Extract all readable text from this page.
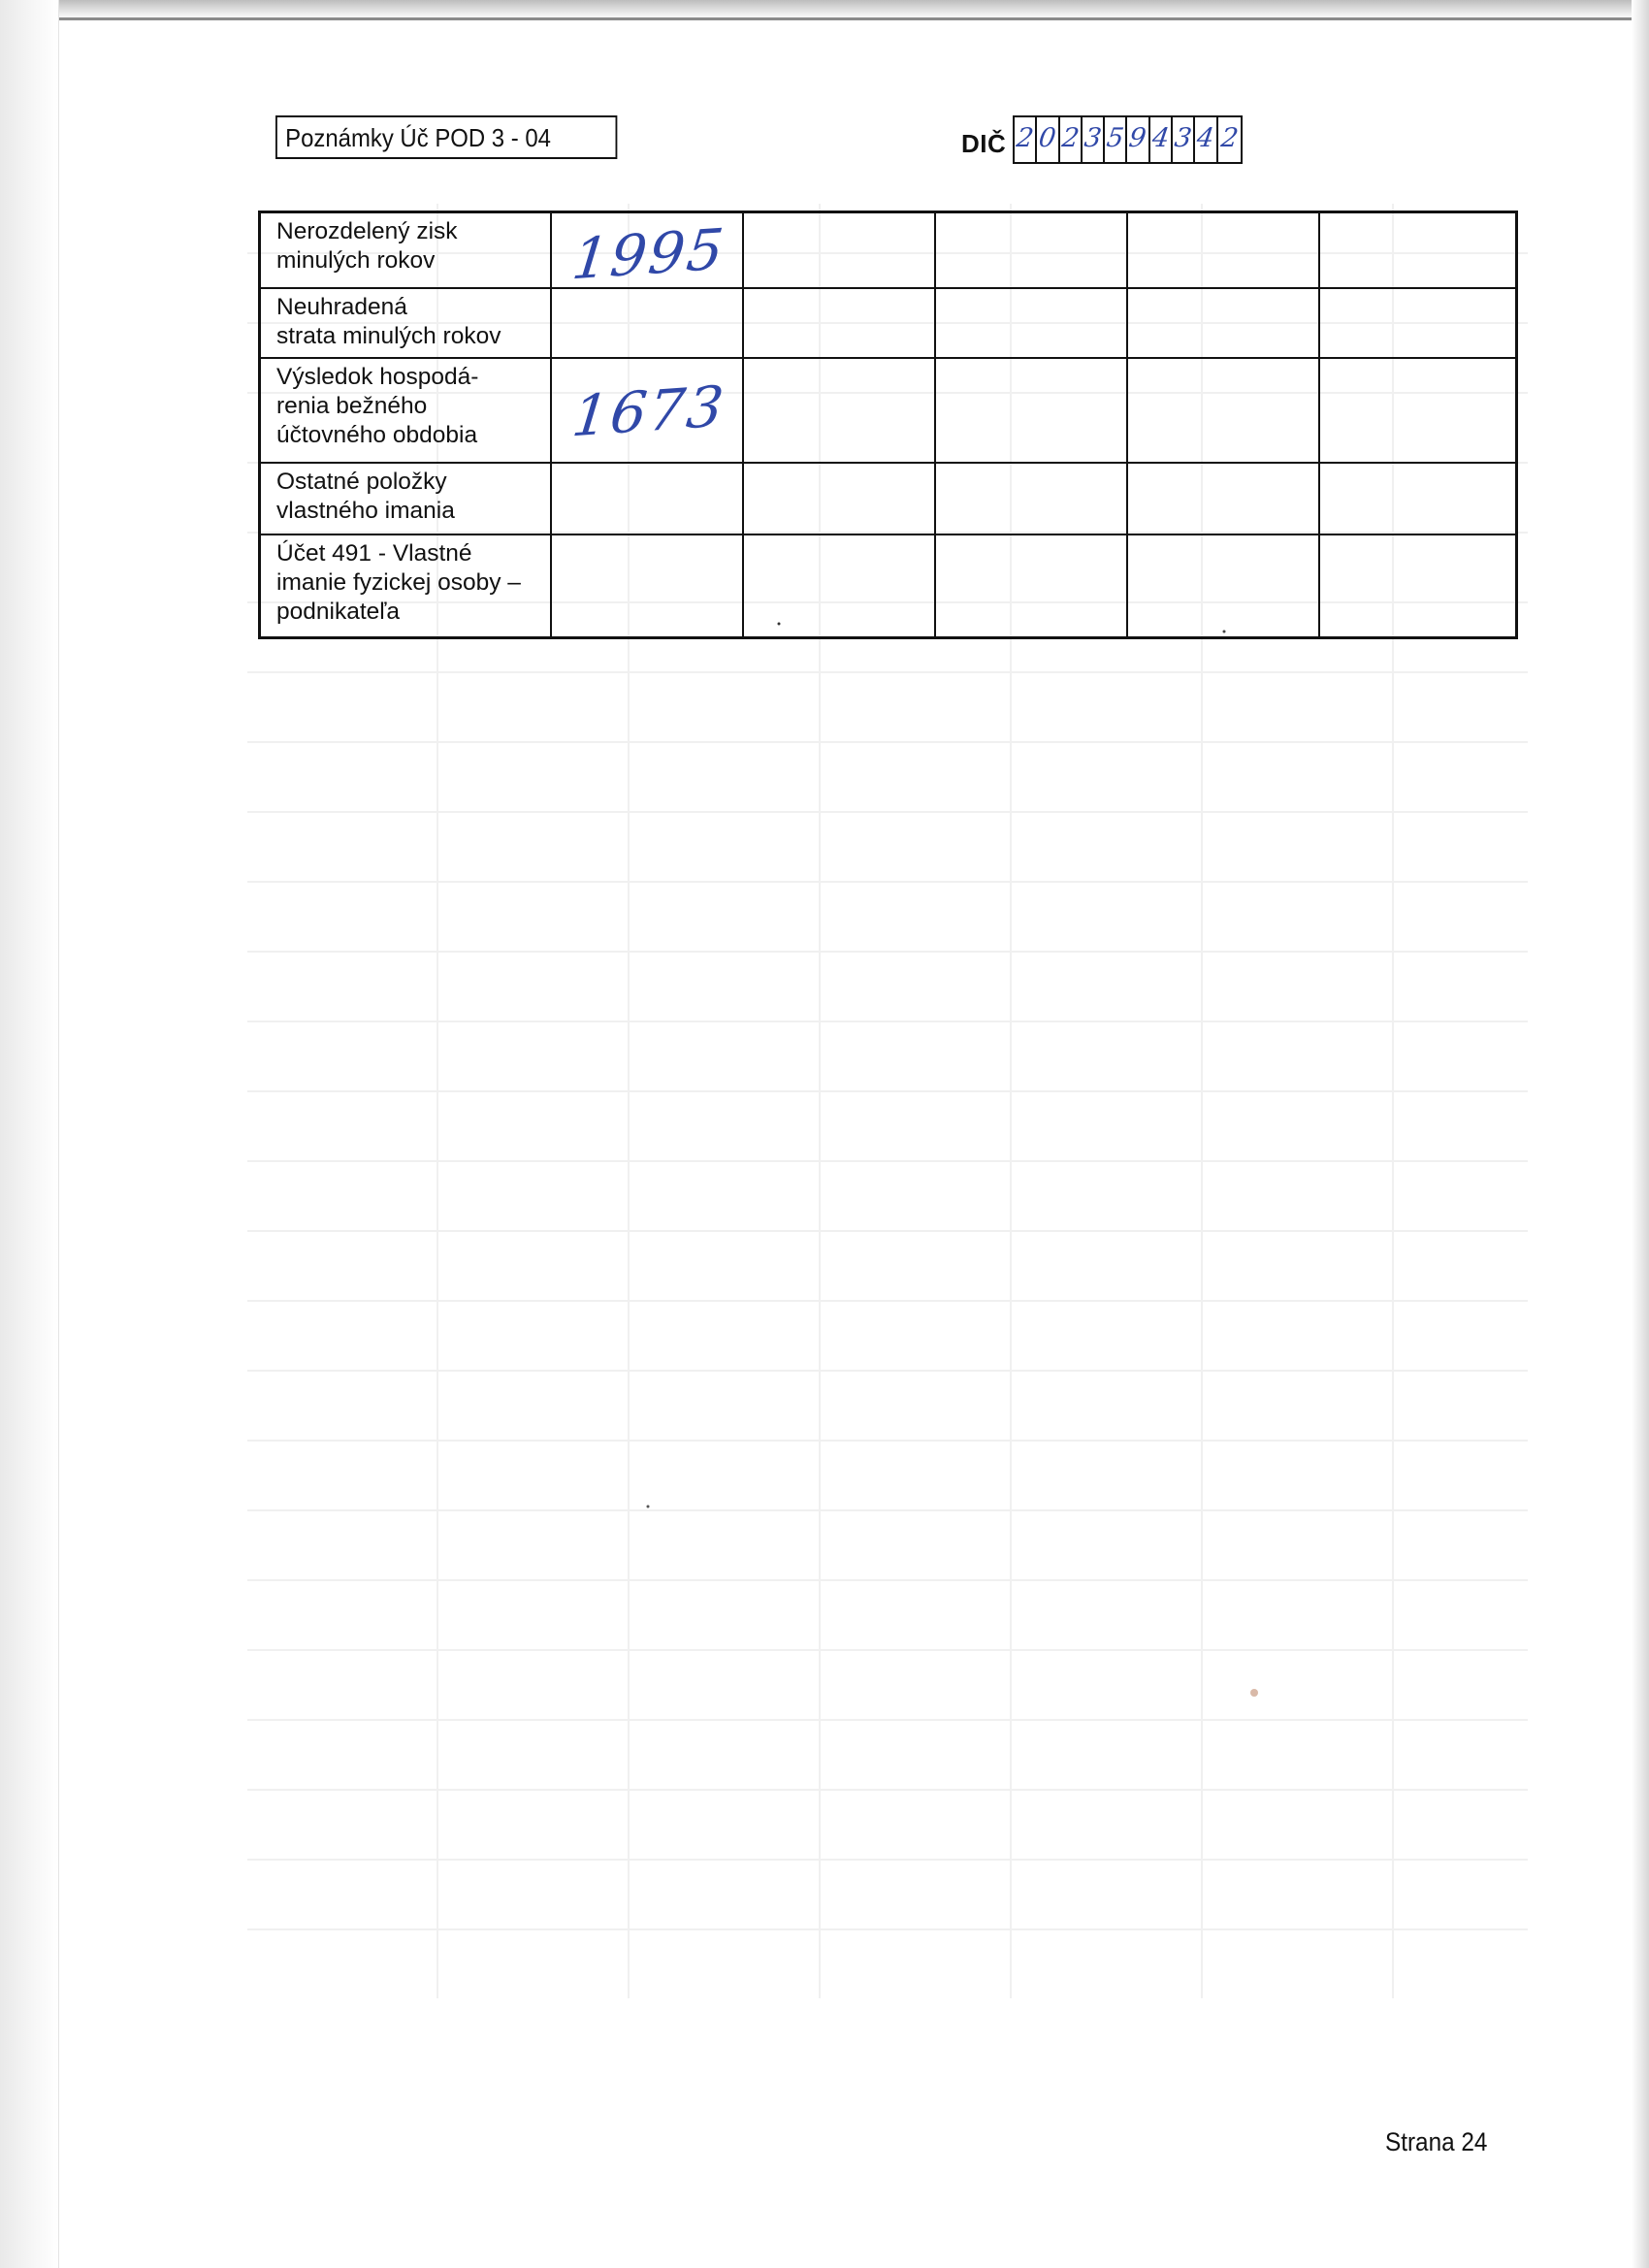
Poznámky Úč POD 3 - 04	DIČ 2 0 2 3 5 9 4 3 4 2
Nerozdelený zisk
minulých rokov	1995				

Neuhradená
strata minulých rokov					

Výsledok hospodá-
renia bežného
účtovného obdobia	1673				

Ostatné položky
vlastného imania					

Účet 491 - Vlastné
imanie fyzickej osoby –
podnikateľa					

Strana 24
